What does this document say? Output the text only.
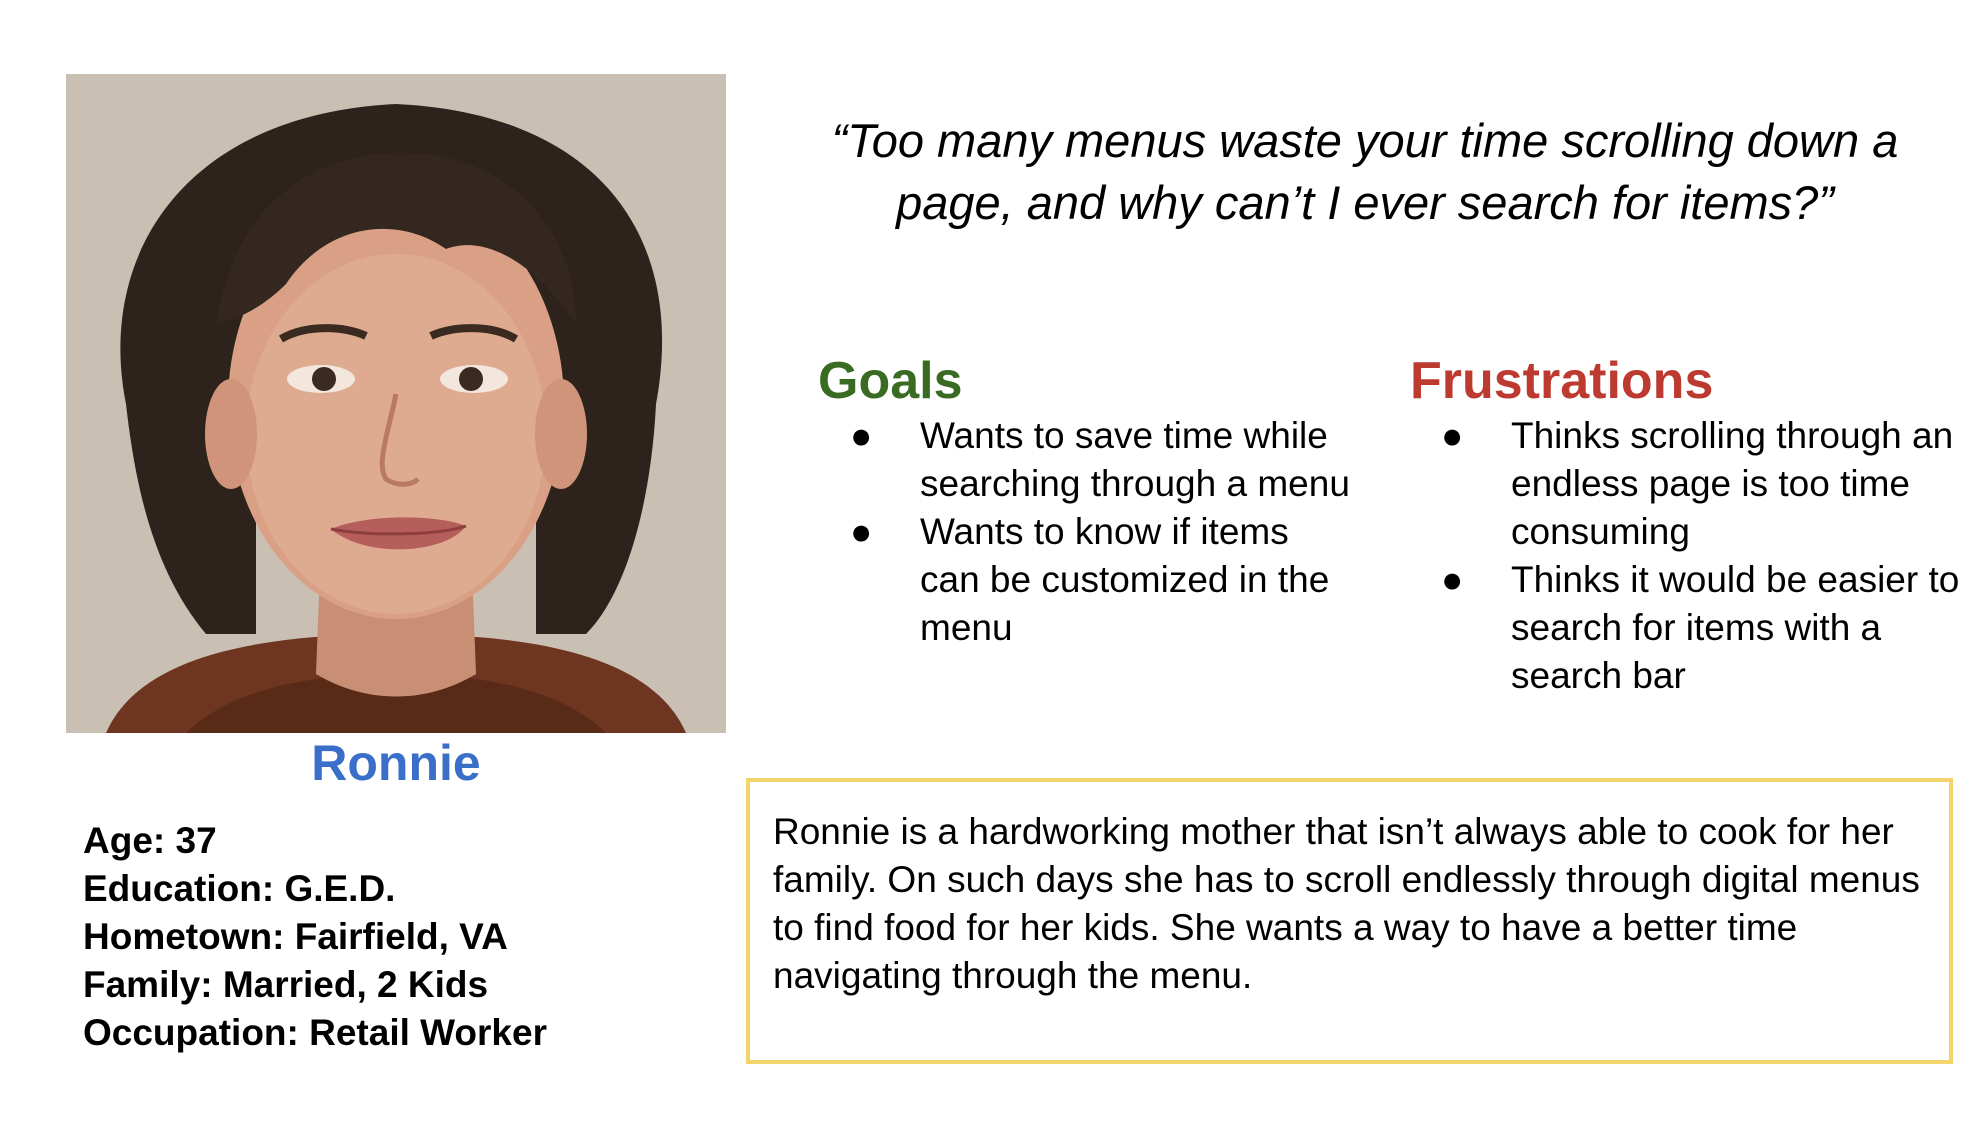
Ronnie
Age: 37
Education: G.E.D.
Hometown: Fairfield, VA
Family: Married, 2 Kids
Occupation: Retail Worker
“Too many menus waste your time scrolling down a page, and why can’t I ever search for items?”
Goals
● Wants to save time while searching through a menu
● Wants to know if items can be customized in the menu
Frustrations
● Thinks scrolling through an endless page is too time consuming
● Thinks it would be easier to search for items with a search bar
Ronnie is a hardworking mother that isn’t always able to cook for her family. On such days she has to scroll endlessly through digital menus to find food for her kids. She wants a way to have a better time navigating through the menu.
